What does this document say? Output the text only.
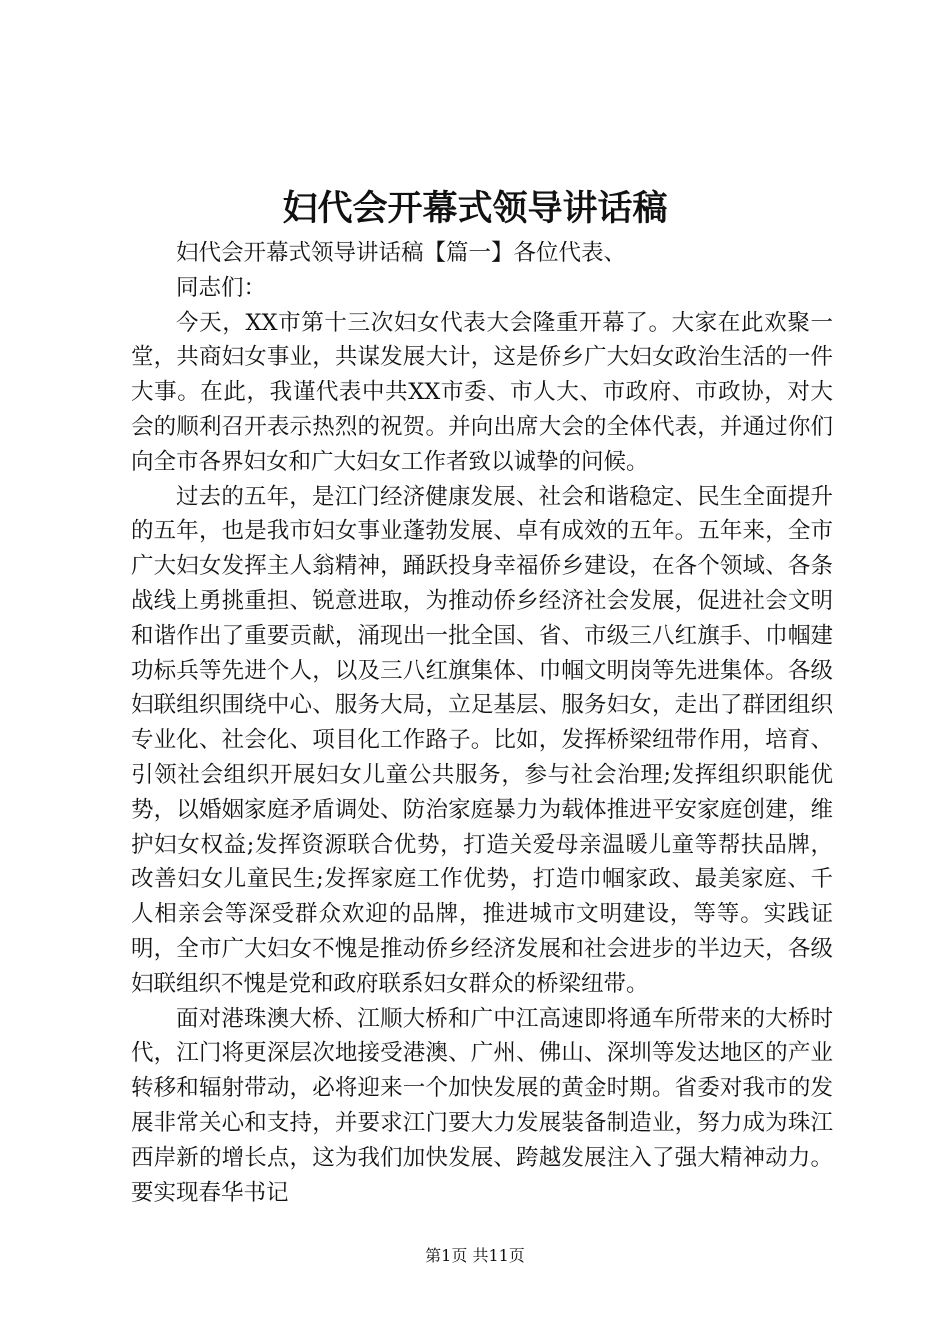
妇代会开幕式领导讲话稿

妇代会开幕式领导讲话稿【篇一】各位代表、

同志们：

今天，XX市第十三次妇女代表大会隆重开幕了。大家在此欢聚一堂，共商妇女事业，共谋发展大计，这是侨乡广大妇女政治生活的一件大事。在此，我谨代表中共XX市委、市人大、市政府、市政协，对大会的顺利召开表示热烈的祝贺。并向出席大会的全体代表，并通过你们向全市各界妇女和广大妇女工作者致以诚挚的问候。

过去的五年，是江门经济健康发展、社会和谐稳定、民生全面提升的五年，也是我市妇女事业蓬勃发展、卓有成效的五年。五年来，全市广大妇女发挥主人翁精神，踊跃投身幸福侨乡建设，在各个领域、各条战线上勇挑重担、锐意进取，为推动侨乡经济社会发展，促进社会文明和谐作出了重要贡献，涌现出一批全国、省、市级三八红旗手、巾帼建功标兵等先进个人，以及三八红旗集体、巾帼文明岗等先进集体。各级妇联组织围绕中心、服务大局，立足基层、服务妇女，走出了群团组织专业化、社会化、项目化工作路子。比如，发挥桥梁纽带作用，培育、引领社会组织开展妇女儿童公共服务，参与社会治理;发挥组织职能优势，以婚姻家庭矛盾调处、防治家庭暴力为载体推进平安家庭创建，维护妇女权益;发挥资源联合优势，打造关爱母亲温暖儿童等帮扶品牌，改善妇女儿童民生;发挥家庭工作优势，打造巾帼家政、最美家庭、千人相亲会等深受群众欢迎的品牌，推进城市文明建设，等等。实践证明，全市广大妇女不愧是推动侨乡经济发展和社会进步的半边天，各级妇联组织不愧是党和政府联系妇女群众的桥梁纽带。

面对港珠澳大桥、江顺大桥和广中江高速即将通车所带来的大桥时代，江门将更深层次地接受港澳、广州、佛山、深圳等发达地区的产业转移和辐射带动，必将迎来一个加快发展的黄金时期。省委对我市的发展非常关心和支持，并要求江门要大力发展装备制造业，努力成为珠江西岸新的增长点，这为我们加快发展、跨越发展注入了强大精神动力。要实现春华书记

第1页 共11页
